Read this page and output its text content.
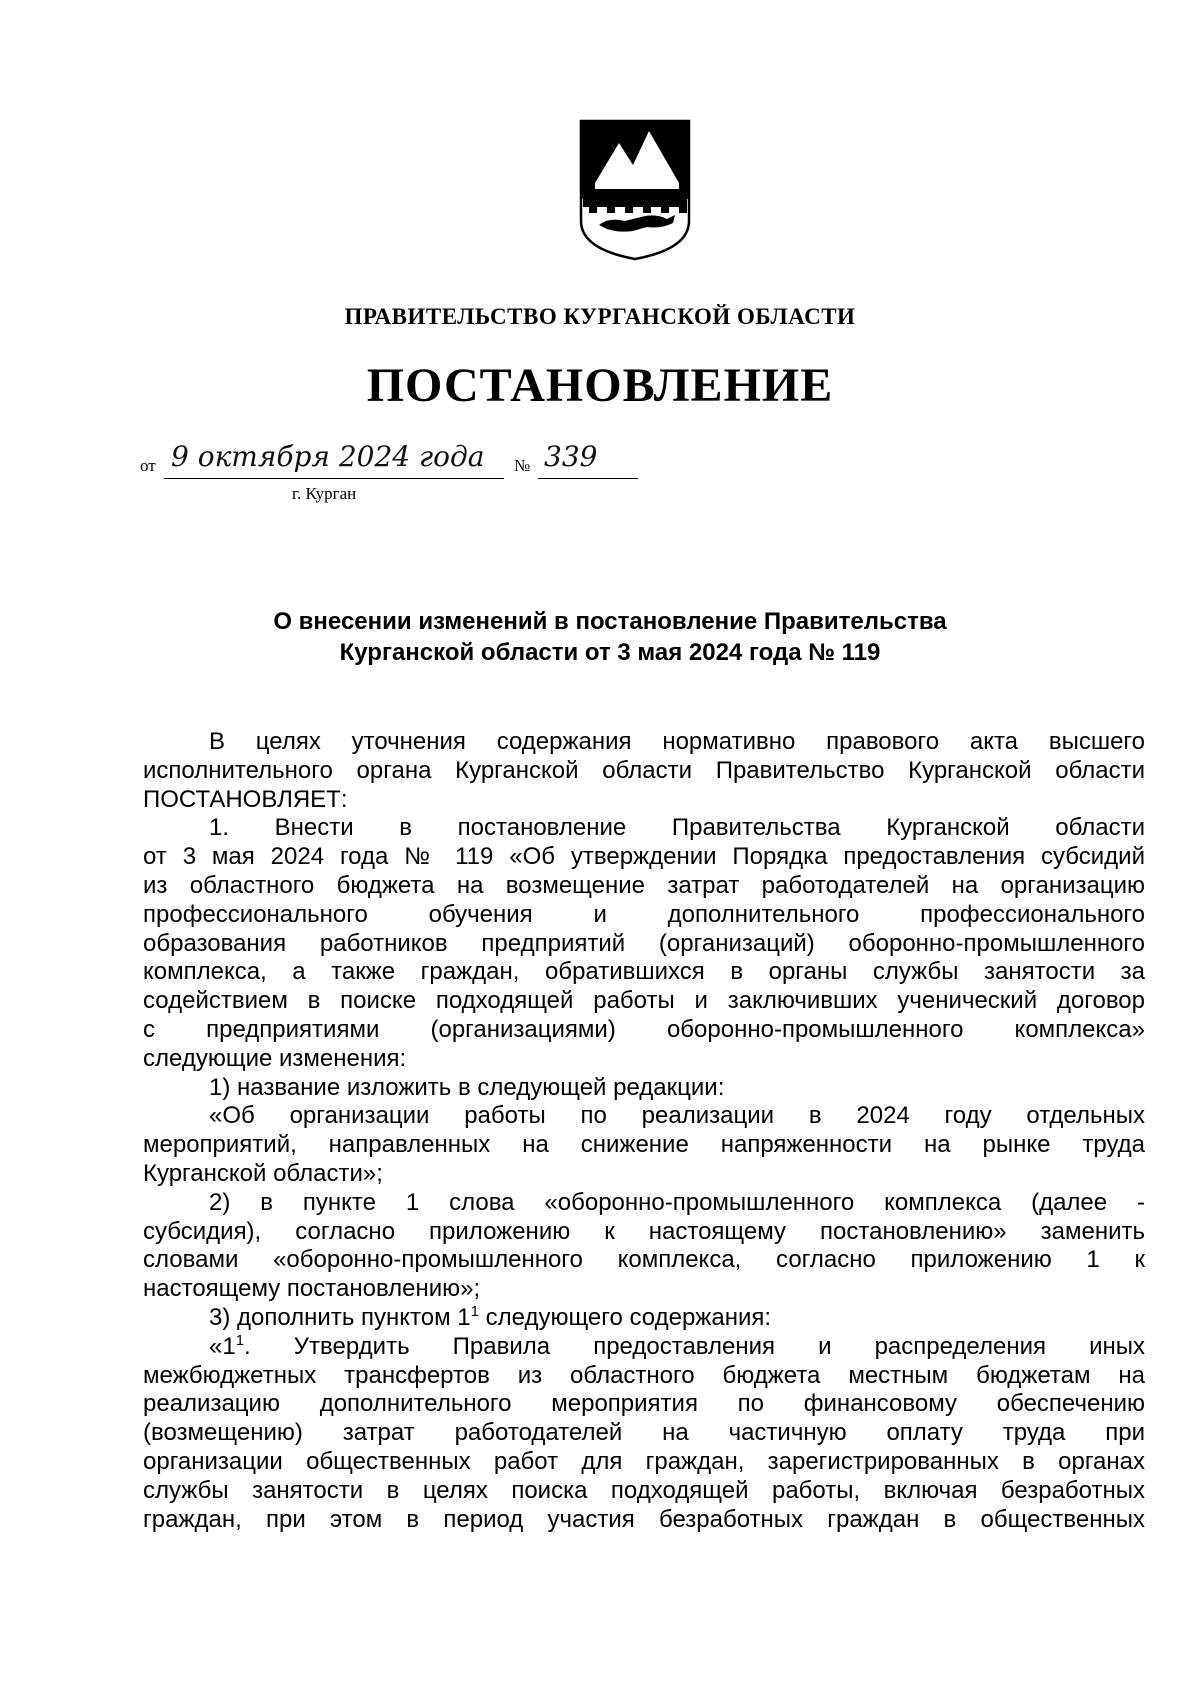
ПРАВИТЕЛЬСТВО КУРГАНСКОЙ ОБЛАСТИ
ПОСТАНОВЛЕНИЕ
от 9 октября 2024 года № 339
г. Курган
О внесении изменений в постановление Правительства
Курганской области от 3 мая 2024 года № 119

В целях уточнения содержания нормативно правового акта высшего

исполнительного органа Курганской области Правительство Курганской области

ПОСТАНОВЛЯЕТ:

1. Внести в постановление Правительства Курганской области

от 3 мая 2024 года № 119 «Об утверждении Порядка предоставления субсидий

из областного бюджета на возмещение затрат работодателей на организацию

профессионального обучения и дополнительного профессионального

образования работников предприятий (организаций) оборонно-промышленного

комплекса, а также граждан, обратившихся в органы службы занятости за

содействием в поиске подходящей работы и заключивших ученический договор

с предприятиями (организациями) оборонно-промышленного комплекса»

следующие изменения:

1) название изложить в следующей редакции:

«Об организации работы по реализации в 2024 году отдельных

мероприятий, направленных на снижение напряженности на рынке труда

Курганской области»;

2) в пункте 1 слова «оборонно-промышленного комплекса (далее -

субсидия), согласно приложению к настоящему постановлению» заменить

словами «оборонно-промышленного комплекса, согласно приложению 1 к

настоящему постановлению»;

3) дополнить пунктом $1^1$ следующего содержания:

«$1^1$. Утвердить Правила предоставления и распределения иных

межбюджетных трансфертов из областного бюджета местным бюджетам на

реализацию дополнительного мероприятия по финансовому обеспечению

(возмещению) затрат работодателей на частичную оплату труда при

организации общественных работ для граждан, зарегистрированных в органах

службы занятости в целях поиска подходящей работы, включая безработных

граждан, при этом в период участия безработных граждан в общественных
